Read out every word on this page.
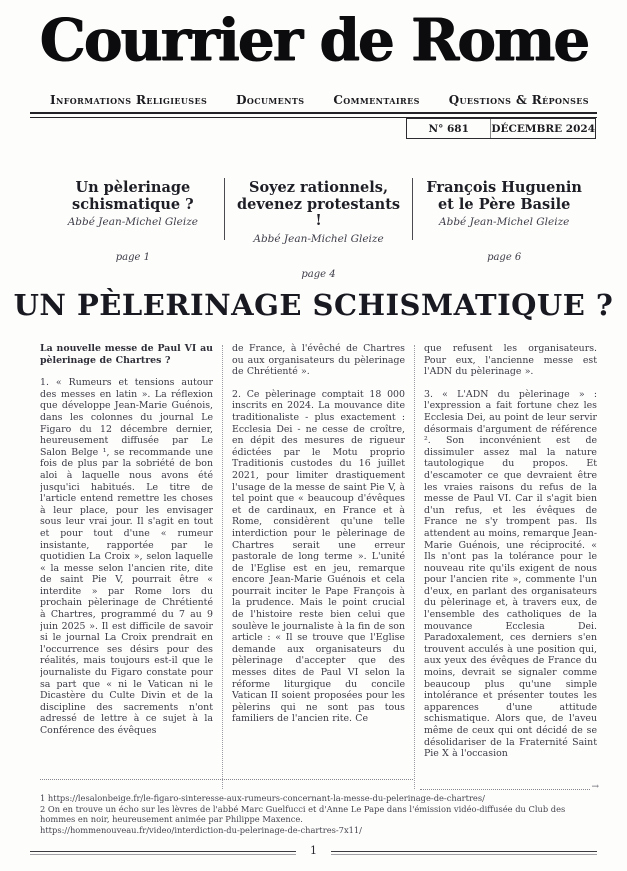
Courrier de Rome
Informations Religieuses Documents Commentaires Questions & Réponses
N° 681	DÉCEMBRE 2024
Un pèlerinage schismatique ?
Abbé Jean-Michel Gleize
page 1
Soyez rationnels, devenez protestants !
Abbé Jean-Michel Gleize
page 4
François Huguenin et le Père Basile
Abbé Jean-Michel Gleize
page 6
UN PÈLERINAGE SCHISMATIQUE ?

La nouvelle messe de Paul VI au pèlerinage de Chartres ?

1. « Rumeurs et tensions autour des messes en latin ». La réflexion que développe Jean-Marie Guénois, dans les colonnes du journal Le Figaro du 12 décembre dernier, heureusement diffusée par Le Salon Belge ¹, se recommande une fois de plus par la sobriété de bon aloi à laquelle nous avons été jusqu'ici habitués. Le titre de l'article entend remettre les choses à leur place, pour les envisager sous leur vrai jour. Il s'agit en tout et pour tout d'une « rumeur insistante, rapportée par le quotidien La Croix », selon laquelle « la messe selon l'ancien rite, dite de saint Pie V, pourrait être « interdite » par Rome lors du prochain pèlerinage de Chrétienté à Chartres, programmé du 7 au 9 juin 2025 ». Il est difficile de savoir si le journal La Croix prendrait en l'occurrence ses désirs pour des réalités, mais toujours est-il que le journaliste du Figaro constate pour sa part que « ni le Vatican ni le Dicastère du Culte Divin et de la discipline des sacrements n'ont adressé de lettre à ce sujet à la Conférence des évêques

de France, à l'évêché de Chartres ou aux organisateurs du pèlerinage de Chrétienté ».

2. Ce pèlerinage comptait 18 000 inscrits en 2024. La mouvance dite traditionaliste - plus exactement : Ecclesia Dei - ne cesse de croître, en dépit des mesures de rigueur édictées par le Motu proprio Traditionis custodes du 16 juillet 2021, pour limiter drastiquement l'usage de la messe de saint Pie V, à tel point que « beaucoup d'évêques et de cardinaux, en France et à Rome, considèrent qu'une telle interdiction pour le pèlerinage de Chartres serait une erreur pastorale de long terme ». L'unité de l'Eglise est en jeu, remarque encore Jean-Marie Guénois et cela pourrait inciter le Pape François à la prudence. Mais le point crucial de l'histoire reste bien celui que soulève le journaliste à la fin de son article : « Il se trouve que l'Eglise demande aux organisateurs du pèlerinage d'accepter que des messes dites de Paul VI selon la réforme liturgique du concile Vatican II soient proposées pour les pèlerins qui ne sont pas tous familiers de l'ancien rite. Ce

que refusent les organisateurs. Pour eux, l'ancienne messe est l'ADN du pèlerinage ».

3. « L'ADN du pèlerinage » : l'expression a fait fortune chez les Ecclesia Dei, au point de leur servir désormais d'argument de référence ². Son inconvénient est de dissimuler assez mal la nature tautologique du propos. Et d'escamoter ce que devraient être les vraies raisons du refus de la messe de Paul VI. Car il s'agit bien d'un refus, et les évêques de France ne s'y trompent pas. Ils attendent au moins, remarque Jean-Marie Guénois, une réciprocité. « Ils n'ont pas la tolérance pour le nouveau rite qu'ils exigent de nous pour l'ancien rite », commente l'un d'eux, en parlant des organisateurs du pèlerinage et, à travers eux, de l'ensemble des catholiques de la mouvance Ecclesia Dei. Paradoxalement, ces derniers s'en trouvent acculés à une position qui, aux yeux des évêques de France du moins, devrait se signaler comme beaucoup plus qu'une simple intolérance et présenter toutes les apparences d'une attitude schismatique. Alors que, de l'aveu même de ceux qui ont décidé de se désolidariser de la Fraternité Saint Pie X à l'occasion

→
1 https://lesalonbeige.fr/le-figaro-sinteresse-aux-rumeurs-concernant-la-messe-du-pelerinage-de-chartres/
2 On en trouve un écho sur les lèvres de l'abbé Marc Guelfucci et d'Anne Le Pape dans l'émission vidéo-diffusée du Club des hommes en noir, heureusement animée par Philippe Maxence.
https://hommenouveau.fr/video/interdiction-du-pelerinage-de-chartres-7x11/
1
